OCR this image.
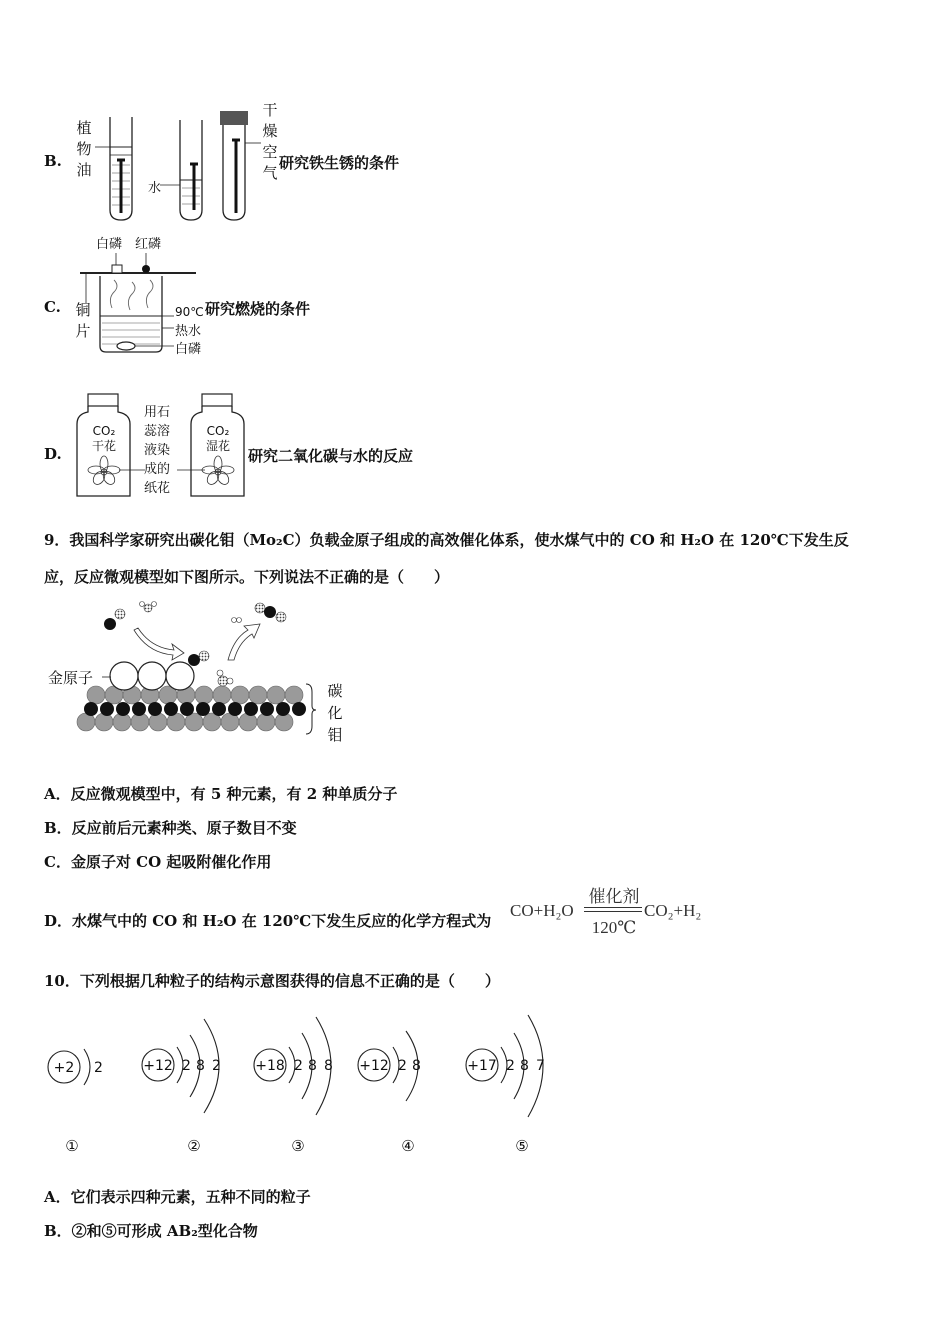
B.
植
物
油
水
干
燥
空
气
研究铁生锈的条件
C.
白磷 红磷
铜
片
90℃
热水
白磷
研究燃烧的条件
D.
CO₂
干花
CO₂
湿花
用石
蕊溶
液染
成的
纸花
研究二氧化碳与水的反应
9．我国科学家研究出碳化钼（Mo₂C）负载金原子组成的高效催化体系，使水煤气中的 CO 和 H₂O 在 120℃下发生反
应，反应微观模型如下图所示。下列说法不正确的是（　　）
金原子
碳
化
钼
A．反应微观模型中，有 5 种元素，有 2 种单质分子
B．反应前后元素种类、原子数目不变
C．金原子对 CO 起吸附催化作用
D．水煤气中的 CO 和 H₂O 在 120℃下发生反应的化学方程式为
CO+H₂O
催化剂
120℃
CO₂+H₂
10．下列根据几种粒子的结构示意图获得的信息不正确的是（　　）
+2 2	+12 2 8 2 +18 2 8 8 +12 2 8	+17 2 8 7
①	②	③	④	⑤
A．它们表示四种元素，五种不同的粒子
B．②和⑤可形成 AB₂型化合物
